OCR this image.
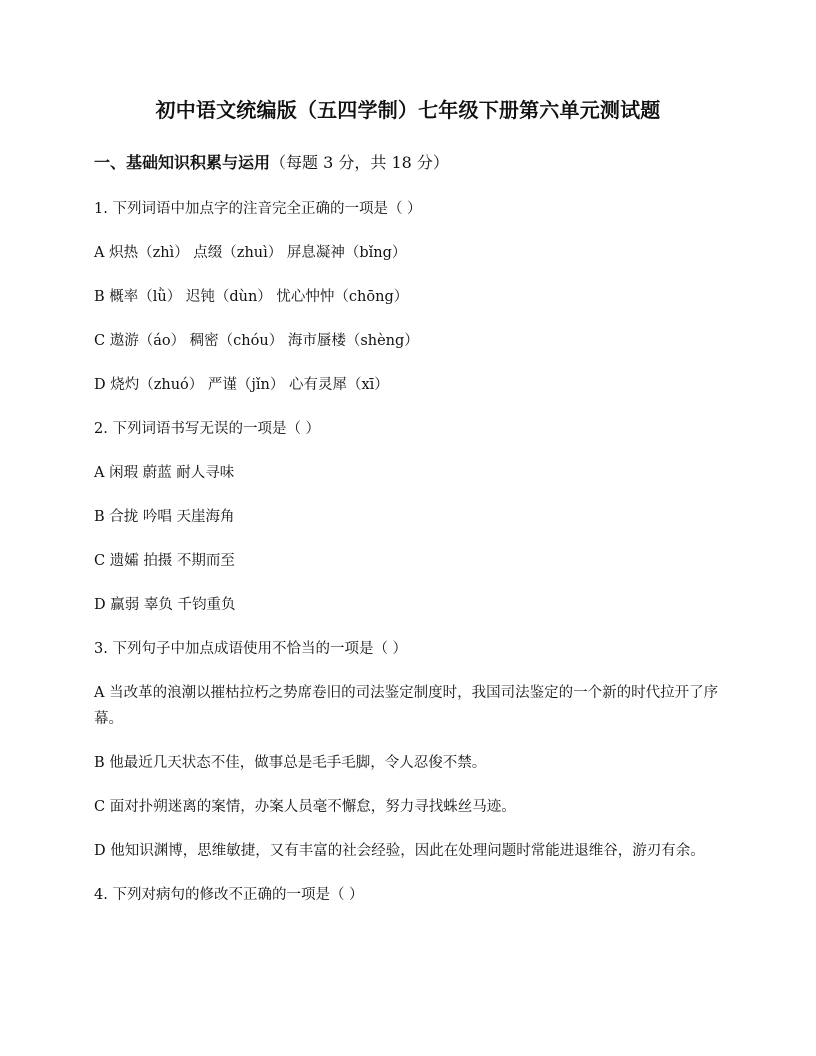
初中语文统编版（五四学制）七年级下册第六单元测试题
一、基础知识积累与运用（每题 3 分，共 18 分）

1. 下列词语中加点字的注音完全正确的一项是（ ）

A 炽热（zhì） 点缀（zhuì） 屏息凝神（bǐng）

B 概率（lǜ） 迟钝（dùn） 忧心忡忡（chōng）

C 遨游（áo） 稠密（chóu） 海市蜃楼（shèng）

D 烧灼（zhuó） 严谨（jǐn） 心有灵犀（xī）

2. 下列词语书写无误的一项是（ ）

A 闲瑕 蔚蓝 耐人寻味

B 合拢 吟唱 天崖海角

C 遗孀 拍摄 不期而至

D 赢弱 辜负 千钧重负

3. 下列句子中加点成语使用不恰当的一项是（ ）

A 当改革的浪潮以摧枯拉朽之势席卷旧的司法鉴定制度时，我国司法鉴定的一个新的时代拉开了序幕。

B 他最近几天状态不佳，做事总是毛手毛脚，令人忍俊不禁。

C 面对扑朔迷离的案情，办案人员毫不懈怠，努力寻找蛛丝马迹。

D 他知识渊博，思维敏捷，又有丰富的社会经验，因此在处理问题时常能进退维谷，游刃有余。

4. 下列对病句的修改不正确的一项是（ ）
